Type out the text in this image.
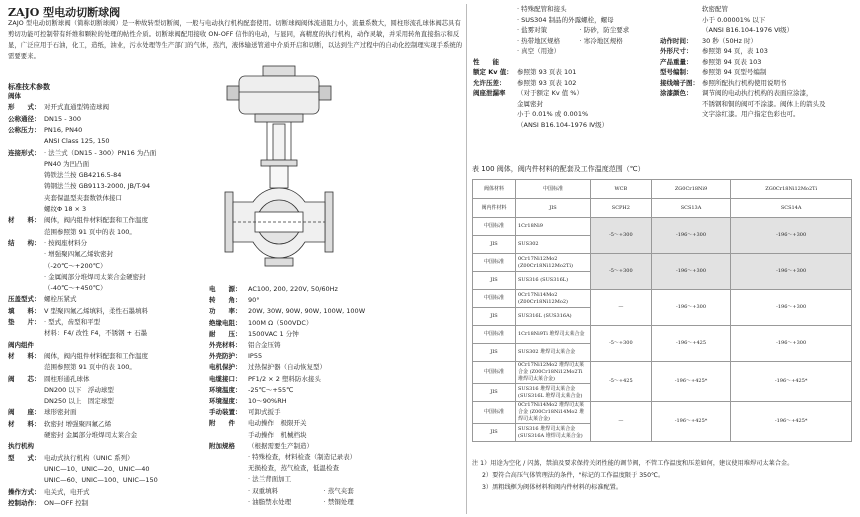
ZAJO 型电动切断球阀
ZAJO 型电动切断球阀（简称切断球阀）是一种故转型切断阀，一般与电动执行机构配套使用。切断球阀阀体流道阻力小，流量系数大，圆柱形流孔球体阀芯具有剪切功能可控制带有纤维和颗粒的处理的帖性介质。切断球阀配用接收 ON-OFF 信作的电动，与显同，高精度的执行机构，动作灵敏，并采用转角直接指示和反显，广泛应用于石油，化工，造纸，油业，污水处理等生产部门的气体，蒸汽，液体输送管道中介质开启和切断，以达到生产过程中的自动化控制理实现手系统的需要要来。
标准技术参数
阀体
形　　式： 对开式直通型铸造球阀
公称通径： DN15 - 300
公称压力： PN16, PN40
ANSI Class 125, 150
连接形式： · 法兰式（DN15 - 300）PN16 为凸面
PN40 为凹凸面
铸铁法兰按 GB4216.5-84
铸钢法兰按 GB9113-2000, JB/T-94
夹套保温型夹套数铁体接口
螺纹Φ 18 × 3
材　　料： 阀体，阀内组件材料配套和工作温度
范围参照第 91 页中的表 100。
结　　构： · 按阀座材料分
· 增强聚四氟乙烯软密封
（-20℃～+200℃）
· 金属阀部分堆焊司太莱合金硬密封
（-40℃～+450℃）
压盖型式： 螺栓压紧式
填　　料： V 型聚四氟乙烯填料，柔性石墨填料
垫　　片： · 型式，齿型和平型
材料：F4/ 改性 F4，不锈钢 + 石墨
阀内组件
材　　料： 阀体，阀内组件材料配套和工作温度
范围参照第 91 页中的表 100。
阀　　芯： 圆柱形通孔球体
DN200 以下　浮动球型
DN250 以上　固定球型
阀　　座： 球形密封面
材　　料： 软密封 增强聚四氟乙烯
硬密封 金属部分堆焊司太莱合金
执行机构
型　　式： 电动式执行机构（UNIC 系列）
UNIC—10、UNIC—20、UNIC—40
UNIC—60、UNIC—100、UNIC—150
操作方式： 电关式，电开式
控制动作： ON—OFF 控制
电　　源： AC100, 200, 220V, 50/60Hz
转　　角： 90°
功　　率： 20W, 30W, 90W, 90W, 100W, 100W
绝缘电阻： 100M Ω（500VDC）
耐　　压： 1500VAC 1 分钟
外壳材料： 铝合金压铸
外壳防护： IP55
电机保护： 过热保护器（自动恢复型）
电缆接口： PF1/2 × 2 塑料防水接头
环境温度： -25℃～+55℃
环境湿度： 10～90%RH
手动装置： 可卸式扳手
附　　件 电动操作　极限开关
手动操作　机械档块
附加规格 （根据需要生产制造）
· 特殊检查，材料检查（制造记录表）
无损检查，蒸气检查，低温检查
· 法兰背面加工
· 双重填料　　　　　　　· 蒸气夹套
· 油脂禁水处理　　　　　· 禁铜处理
· 特殊配管和接头
· SUS304 制品的外露螺栓，螺母
· 盐雾对策　　　　　· 防砂，防尘要求
· 热带地区规格　　　· 寒冷地区规格
· 真空（用途）
性　　能
额定 Kv 值： 参照第 93 页表 101
允许压差： 参照第 93 页表 102
阀座泄漏率 （对于额定 Kv 值 %）
金属密封
小于 0.01% 或 0.001%
（ANSI B16.104-1976 Ⅳ级）
软密配管
小于 0.00001% 以下
（ANSI B16.104-1976 Ⅵ级）
动作时间： 30 秒（50Hz 时）
外形尺寸： 参照第 94 页，表 103
产品重量： 参照第 94 页表 103
型号编制： 参照第 94 页型号编制
接线端子图： 参照所配执行机构使用说明书
涂漆颜色： 调节阀的电动执行机构的表面应涂漆，
不锈钢和铜的阀可不涂漆。阀体上的箭头及
文字涂红漆。用户指定色彩也可。
表 100 阀体，阀内件材料的配套及工作温度范围（℃）
阀体材料	中国标准	WCB	ZG0Cr18Ni9	ZG0Cr18Ni12Mo2Ti
阀内件材料	JIS	SCPH2	SCS13A	SCS14A
中国标准	1Cr18Ni9	-5～+300	-196～+300	-196～+300
JIS	SUS302			
中国标准	0Cr17Ni12Mo2 (Z00Cr18Ni12Mo2Ti)	-5～+300	-196～+300	-196～+300
JIS	SUS316 (SUS316L)			
中国标准	0Cr17Ni14Mo2 (Z00Cr18Ni12Mo2)	—	-196～+300	-196～+300
JIS	SUS316L (SUS316A)			
中国标准	1Cr18Ni9Ti 堆焊司太莱合金	-5～+300	-196～+425	-196～+300
JIS	SUS302 堆焊司太莱合金			
中国标准	0Cr17Ni12Mo2 堆焊司太莱合金 (Z00Cr18Ni12Mo2Ti 堆焊司太莱合金)	-5～+425	-196～+425*	-196～+425*
JIS	SUS316 堆焊司太莱合金 (SUS316L 堆焊司太莱合金)			
中国标准	0Cr17Ni14Mo2 堆焊司太莱合金 (Z00Cr18Ni14Mo2 堆焊司太莱合金)	—	-196～+425*	-196～+425*
JIS	SUS316 堆焊司太莱合金 (SUS316A 堆焊司太莱合金)			
注 1）用途为空化 / 闪蒸，禁油及要求保持关闭性能的调节阀，不管工作温度和压差如何，建议使用堆焊司太莱合金。
2）要符合高压气体管理法的条件，"标记的工作温度限于 350℃。
3）黑粗线框为阀体材料和阀内件材料的标准配置。
